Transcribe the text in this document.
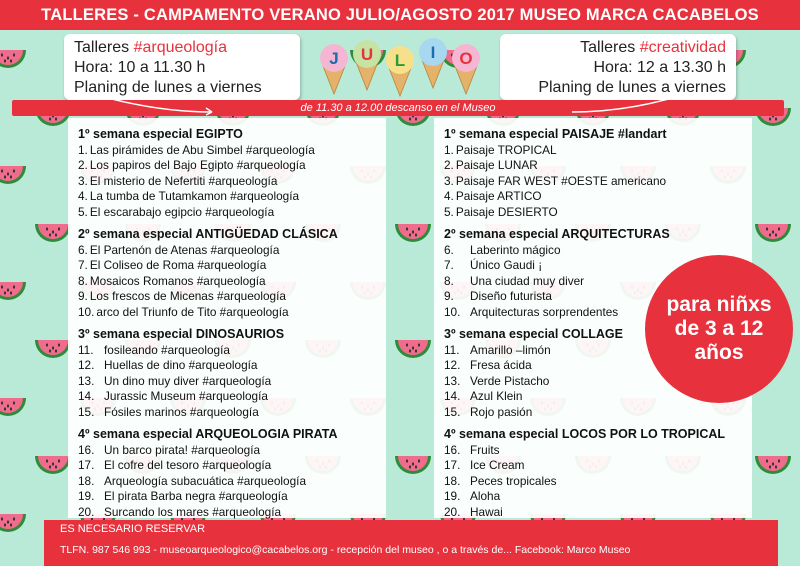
TALLERES - CAMPAMENTO VERANO JULIO/AGOSTO 2017 MUSEO MARCA CACABELOS
Talleres #arqueología
Hora: 10 a 11.30 h
Planing de lunes a viernes
Talleres #creatividad
Hora: 12 a 13.30 h
Planing de lunes a viernes
J U L I O
de 11.30 a 12.00 descanso en el Museo
1º semana especial EGIPTO
1. Las pirámides de Abu Simbel #arqueología
2. Los papiros del Bajo Egipto #arqueología
3. El misterio de Nefertiti #arqueología
4. La tumba de Tutamkamon #arqueología
5. El escarabajo egipcio #arqueología
2º semana especial ANTIGÜEDAD CLÁSICA
6. El Partenón de Atenas #arqueología
7. El Coliseo de Roma #arqueología
8. Mosaicos Romanos #arqueología
9. Los frescos de Micenas #arqueología
10. arco del Triunfo de Tito #arqueología
3º semana especial DINOSAURIOS
11. fosileando #arqueología
12. Huellas de dino #arqueología
13. Un dino muy diver #arqueología
14. Jurassic Museum #arqueología
15. Fósiles marinos #arqueología
4º semana especial ARQUEOLOGIA PIRATA
16. Un barco pirata! #arqueología
17. El cofre del tesoro #arqueología
18. Arqueología subacuática #arqueología
19. El pirata Barba negra #arqueología
20. Surcando los mares #arqueología
1º semana especial PAISAJE #landart
1. Paisaje TROPICAL
2. Paisaje LUNAR
3. Paisaje FAR WEST #OESTE americano
4. Paisaje ARTICO
5. Paisaje DESIERTO
2º semana especial ARQUITECTURAS
6.	Laberinto mágico
7.	Único Gaudi ¡
8.	Una ciudad muy diver
9.	Diseño futurista
10. Arquitecturas sorprendentes
3º semana especial COLLAGE
11. Amarillo –limón
12. Fresa ácida
13. Verde Pistacho
14. Azul Klein
15. Rojo pasión
4º semana especial LOCOS POR LO TROPICAL
16. Fruits
17. Ice Cream
18. Peces tropicales
19. Aloha
20. Hawai
para niñxs
de 3 a 12
años
ES NECESARIO RESERVAR
TLFN. 987 546 993 - museoarqueologico@cacabelos.org - recepción del museo , o a través de... Facebook: Marco Museo
